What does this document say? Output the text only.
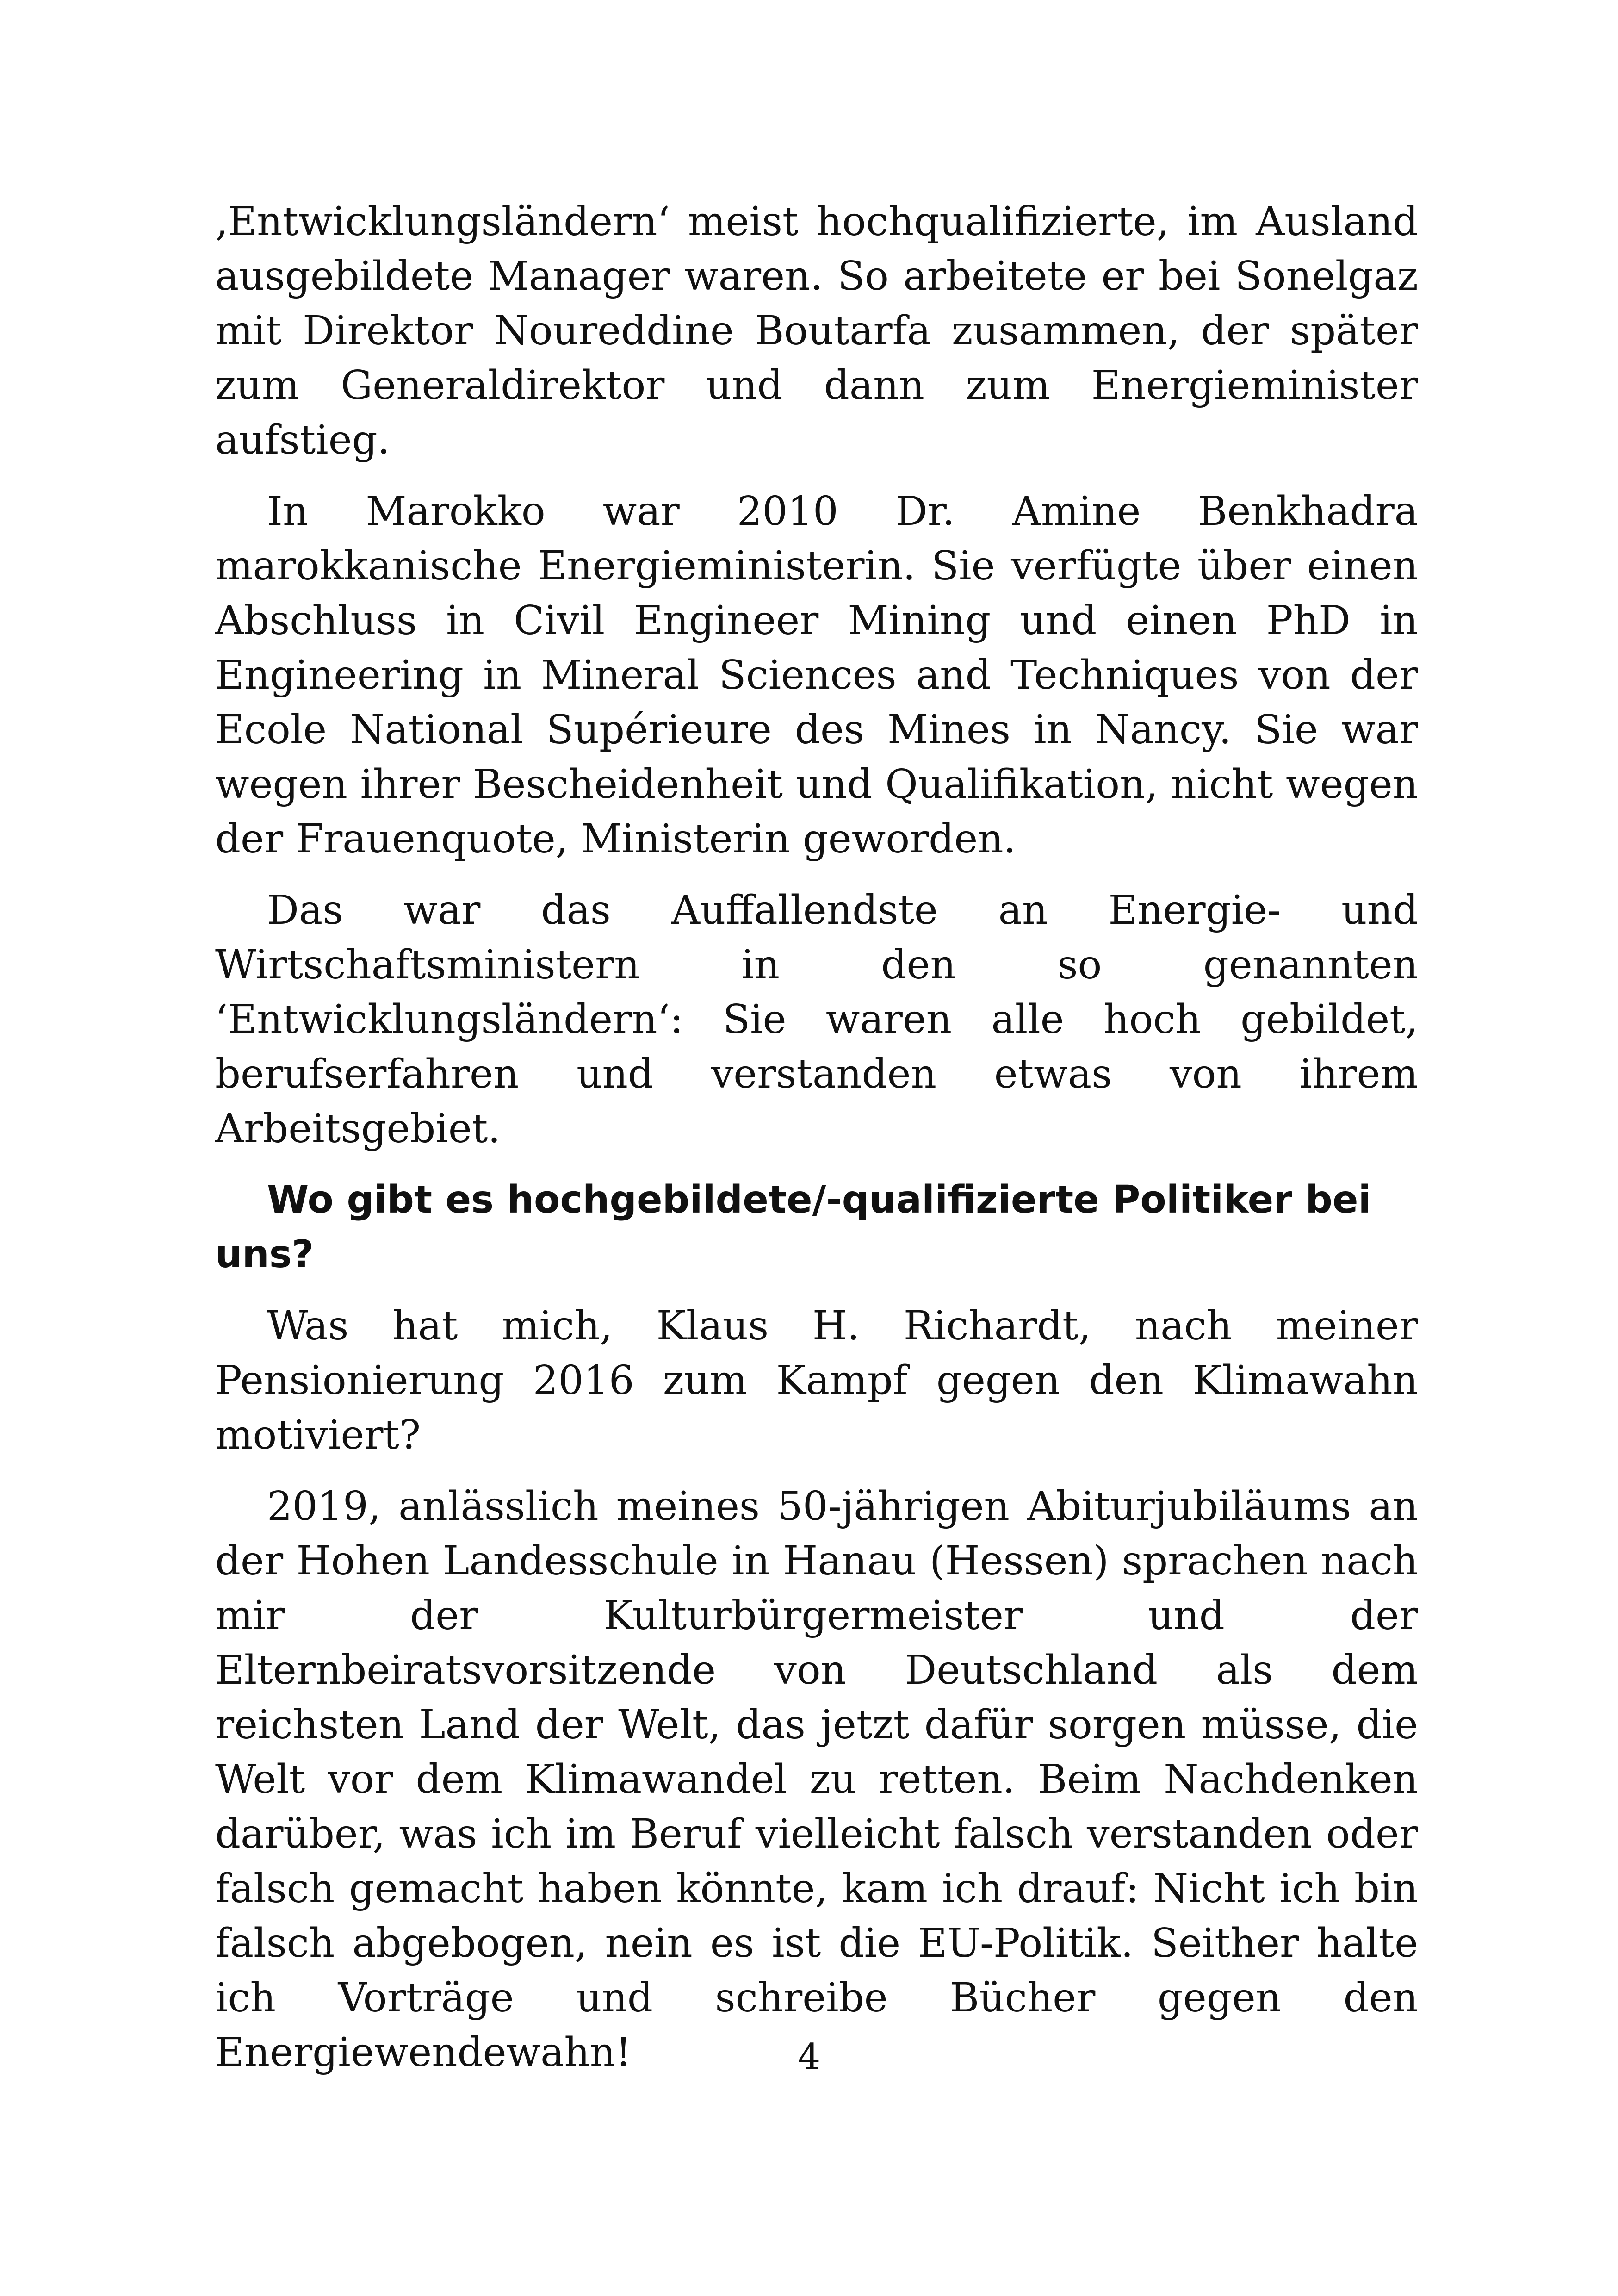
‚Entwicklungsländern‘ meist hochqualifizierte, im Ausland ausgebildete Manager waren. So arbeitete er bei Sonelgaz mit Direktor Noureddine Boutarfa zusammen, der später zum Generaldirektor und dann zum Energieminister aufstieg.

In Marokko war 2010 Dr. Amine Benkhadra marokkanische Energieministerin. Sie verfügte über einen Abschluss in Civil Engineer Mining und einen PhD in Engineering in Mineral Sciences and Techniques von der Ecole National Supérieure des Mines in Nancy. Sie war wegen ihrer Bescheidenheit und Qualifikation, nicht wegen der Frauenquote, Ministerin geworden.

Das war das Auffallendste an Energie- und Wirtschaftsministern in den so genannten ‘Entwicklungsländern‘: Sie waren alle hoch gebildet, berufserfahren und verstanden etwas von ihrem Arbeitsgebiet.

Wo gibt es hochgebildete/-qualifizierte Politiker bei uns?

Was hat mich, Klaus H. Richardt, nach meiner Pensionierung 2016 zum Kampf gegen den Klimawahn motiviert?

2019, anlässlich meines 50-jährigen Abiturjubiläums an der Hohen Landesschule in Hanau (Hessen) sprachen nach mir der Kulturbürgermeister und der Elternbeiratsvorsitzende von Deutschland als dem reichsten Land der Welt, das jetzt dafür sorgen müsse, die Welt vor dem Klimawandel zu retten. Beim Nachdenken darüber, was ich im Beruf vielleicht falsch verstanden oder falsch gemacht haben könnte, kam ich drauf: Nicht ich bin falsch abgebogen, nein es ist die EU-Politik. Seither halte ich Vorträge und schreibe Bücher gegen den Energiewendewahn!	4
